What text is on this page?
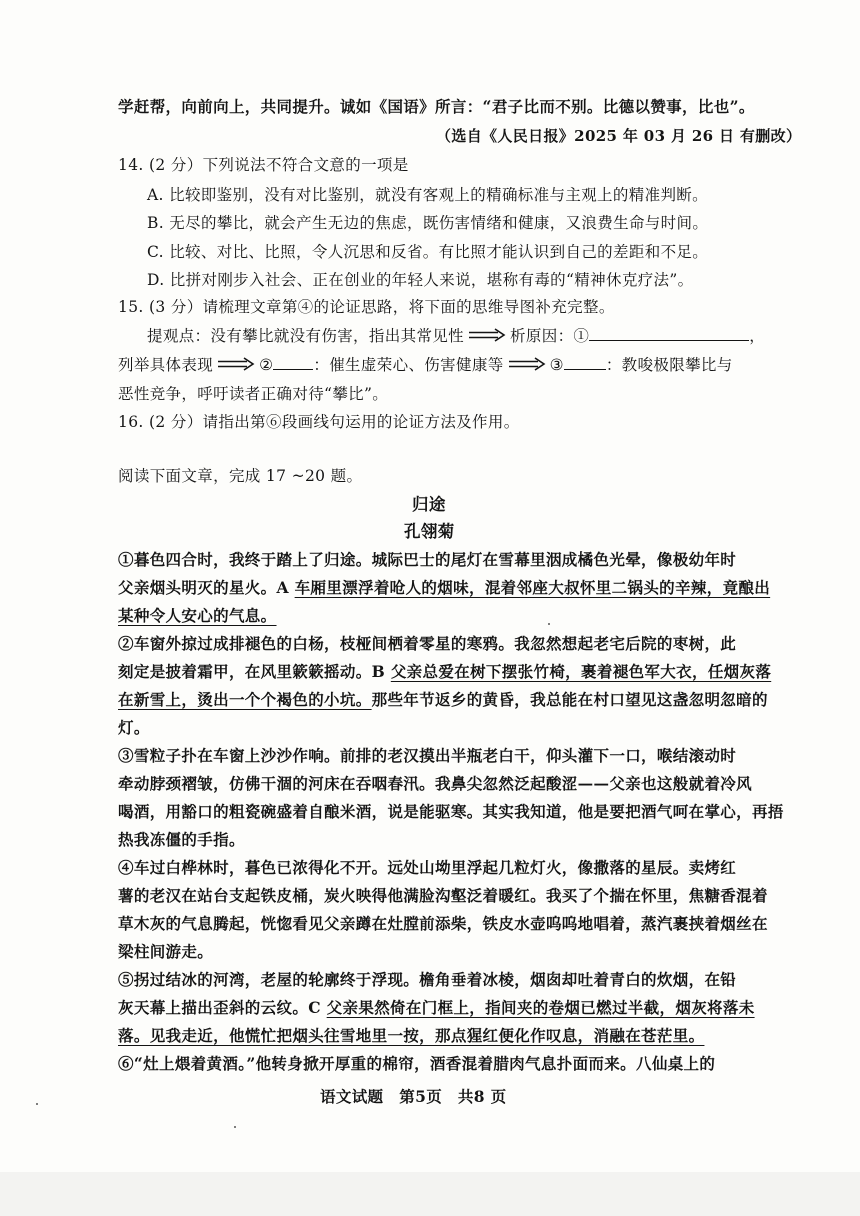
学赶帮，向前向上，共同提升。诚如《国语》所言：“君子比而不别。比德以赞事，比也”。
（选自《人民日报》2025 年 03 月 26 日 有删改）
14. (2 分）下列说法不符合文意的一项是
A. 比较即鉴别，没有对比鉴别，就没有客观上的精确标准与主观上的精准判断。
B. 无尽的攀比，就会产生无边的焦虑，既伤害情绪和健康，又浪费生命与时间。
C. 比较、对比、比照，令人沉思和反省。有比照才能认识到自己的差距和不足。
D. 比拼对刚步入社会、正在创业的年轻人来说，堪称有毒的“精神休克疗法”。
15. (3 分）请梳理文章第④的论证思路，将下面的思维导图补充完整。
提观点：没有攀比就没有伤害，指出其常见性	析原因：①	，
列举具体表现	②	：催生虚荣心、伤害健康等	③	：教唆极限攀比与
恶性竞争，呼吁读者正确对待“攀比”。
16. (2 分）请指出第⑥段画线句运用的论证方法及作用。
阅读下面文章，完成 17 ~20 题。
归途
孔翎菊
①暮色四合时，我终于踏上了归途。城际巴士的尾灯在雪幕里洇成橘色光晕，像极幼年时
父亲烟头明灭的星火。A 车厢里漂浮着呛人的烟味，混着邻座大叔怀里二锅头的辛辣，竟酿出
某种令人安心的气息。
②车窗外掠过成排褪色的白杨，枝桠间栖着零星的寒鸦。我忽然想起老宅后院的枣树，此
刻定是披着霜甲，在风里簌簌摇动。B 父亲总爱在树下摆张竹椅，裹着褪色军大衣，任烟灰落
在新雪上，烫出一个个褐色的小坑。那些年节返乡的黄昏，我总能在村口望见这盏忽明忽暗的
灯。
③雪粒子扑在车窗上沙沙作响。前排的老汉摸出半瓶老白干，仰头灌下一口，喉结滚动时
牵动脖颈褶皱，仿佛干涸的河床在吞咽春汛。我鼻尖忽然泛起酸涩——父亲也这般就着冷风
喝酒，用豁口的粗瓷碗盛着自酿米酒，说是能驱寒。其实我知道，他是要把酒气呵在掌心，再捂
热我冻僵的手指。
④车过白桦林时，暮色已浓得化不开。远处山坳里浮起几粒灯火，像撒落的星辰。卖烤红
薯的老汉在站台支起铁皮桶，炭火映得他满脸沟壑泛着暖红。我买了个揣在怀里，焦糖香混着
草木灰的气息腾起，恍惚看见父亲蹲在灶膛前添柴，铁皮水壶呜呜地唱着，蒸汽裹挟着烟丝在
梁柱间游走。
⑤拐过结冰的河湾，老屋的轮廓终于浮现。檐角垂着冰棱，烟囱却吐着青白的炊烟，在铅
灰天幕上描出歪斜的云纹。C 父亲果然倚在门框上，指间夹的卷烟已燃过半截，烟灰将落未
落。见我走近，他慌忙把烟头往雪地里一按，那点猩红便化作叹息，消融在苍茫里。
⑥“灶上煨着黄酒。”他转身掀开厚重的棉帘，酒香混着腊肉气息扑面而来。八仙桌上的
语文试题　第5页　共8 页
